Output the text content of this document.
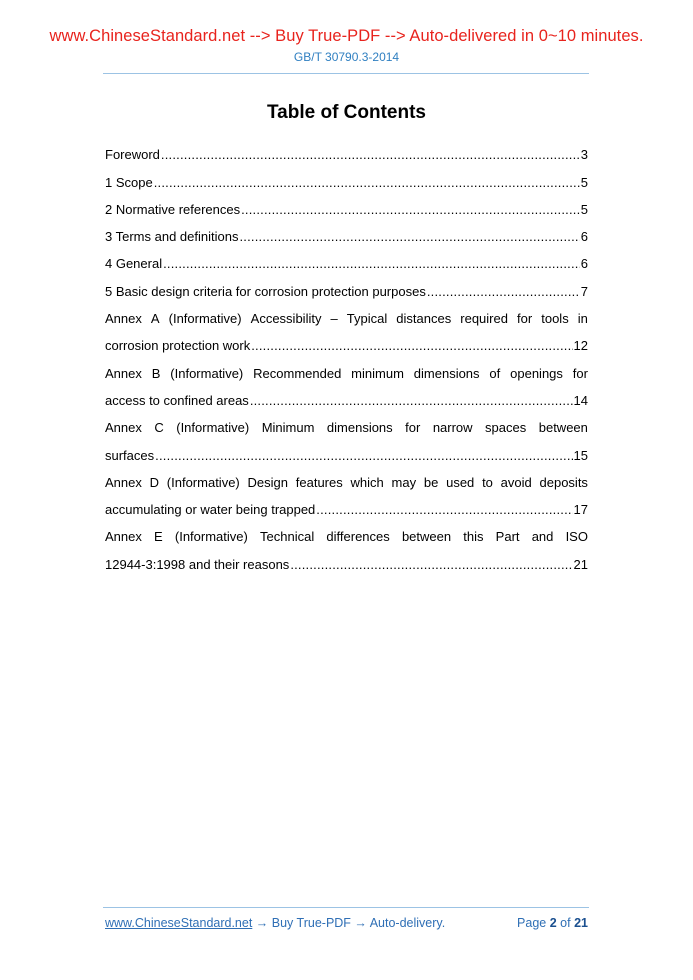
www.ChineseStandard.net --> Buy True-PDF --> Auto-delivered in 0~10 minutes.
GB/T 30790.3-2014
Table of Contents
Foreword .....	3
1 Scope .....	5
2 Normative references .....	5
3 Terms and definitions .....	6
4 General .....	6
5 Basic design criteria for corrosion protection purposes .....	7
Annex A (Informative) Accessibility – Typical distances required for tools in
corrosion protection work .....	12
Annex B (Informative) Recommended minimum dimensions of openings for
access to confined areas .....	14
Annex C (Informative) Minimum dimensions for narrow spaces between
surfaces .....	15
Annex D (Informative) Design features which may be used to avoid deposits
accumulating or water being trapped .....	17
Annex E (Informative) Technical differences between this Part and ISO
12944-3:1998 and their reasons .....	21
www.ChineseStandard.net → Buy True-PDF → Auto-delivery.	Page 2 of 21
